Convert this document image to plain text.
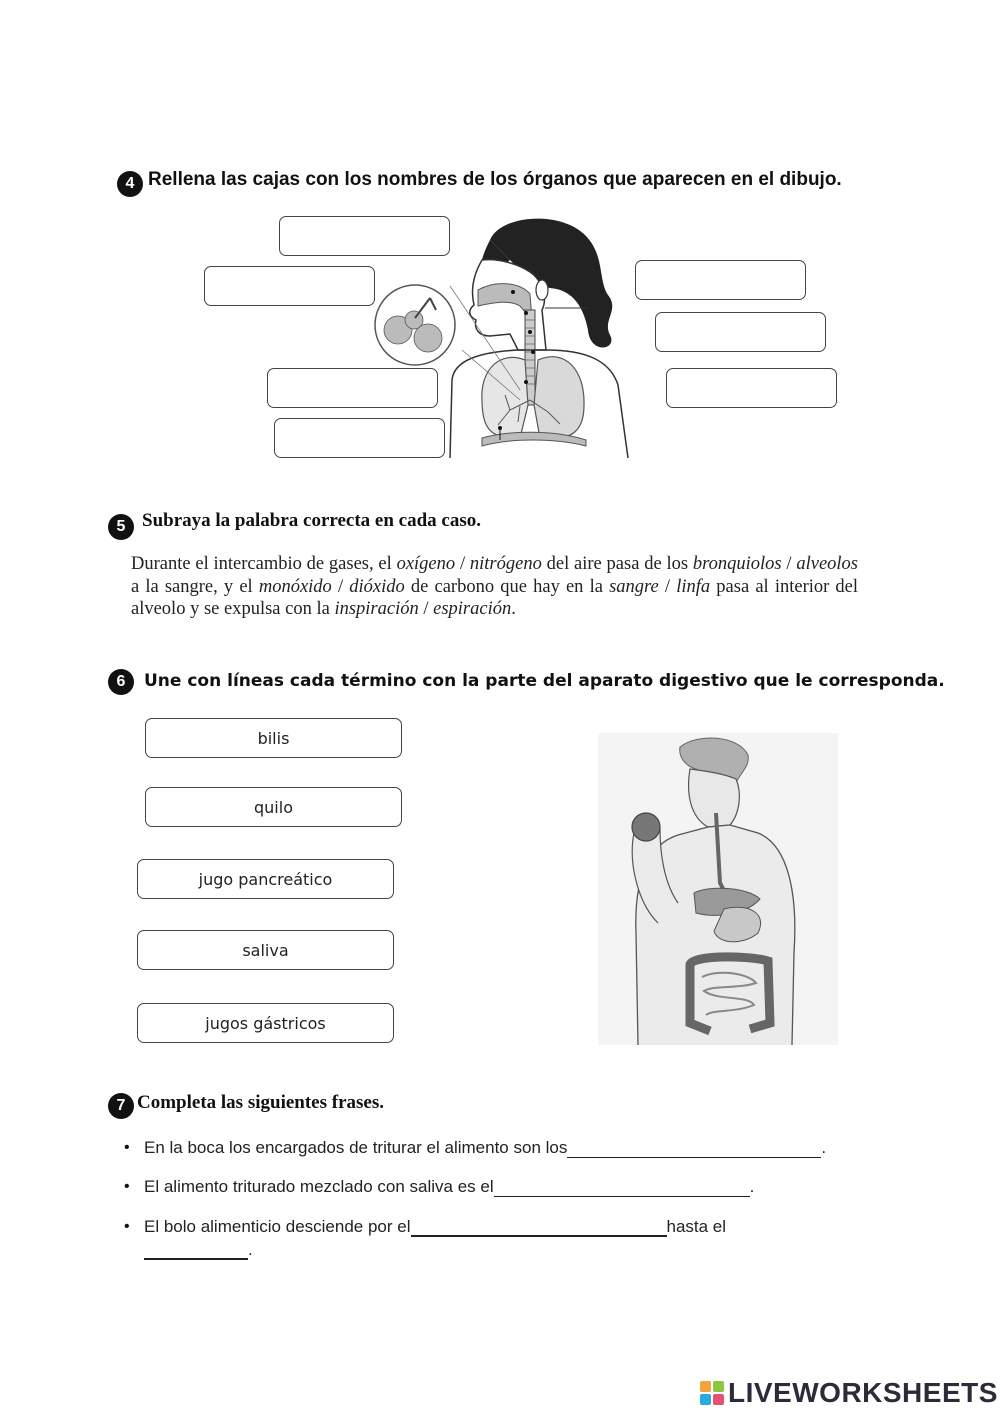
4 Rellena las cajas con los nombres de los órganos que aparecen en el dibujo.
5 Subraya la palabra correcta en cada caso.
Durante el intercambio de gases, el oxígeno / nitrógeno del aire pasa de los bronquiolos / alveolos a la sangre, y el monóxido / dióxido de carbono que hay en la sangre / linfa pasa al interior del alveolo y se expulsa con la inspiración / espiración.
6	Une con líneas cada término con la parte del aparato digestivo que le corresponda.
bilis
quilo
jugo pancreático
saliva
jugos gástricos
7 Completa las siguientes frases.
• En la boca los encargados de triturar el alimento son los	.
• El alimento triturado mezclado con saliva es el	.
• El bolo alimenticio desciende por el	hasta el
.
LIVEWORKSHEETS
